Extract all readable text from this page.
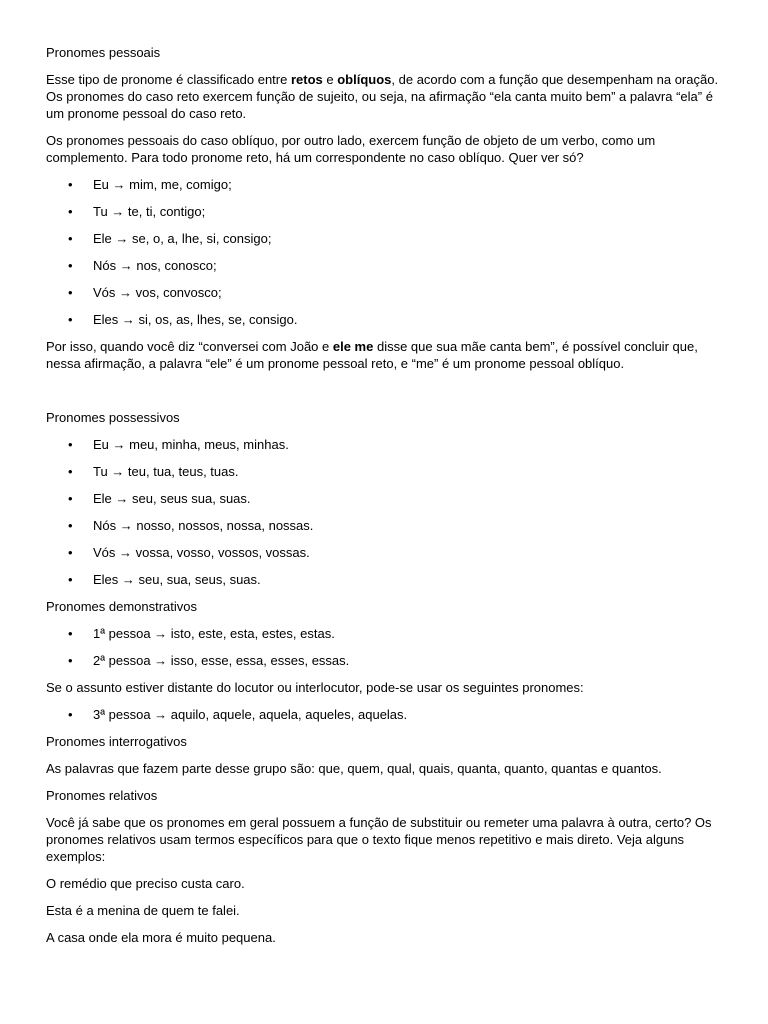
Pronomes pessoais
Esse tipo de pronome é classificado entre retos e oblíquos, de acordo com a função que desempenham na oração. Os pronomes do caso reto exercem função de sujeito, ou seja, na afirmação “ela canta muito bem” a palavra “ela” é um pronome pessoal do caso reto.
Os pronomes pessoais do caso oblíquo, por outro lado, exercem função de objeto de um verbo, como um complemento. Para todo pronome reto, há um correspondente no caso oblíquo. Quer ver só?
• Eu → mim, me, comigo;
• Tu → te, ti, contigo;
• Ele → se, o, a, lhe, si, consigo;
• Nós → nos, conosco;
• Vós → vos, convosco;
• Eles → si, os, as, lhes, se, consigo.
Por isso, quando você diz “conversei com João e ele me disse que sua mãe canta bem”, é possível concluir que, nessa afirmação, a palavra “ele” é um pronome pessoal reto, e “me” é um pronome pessoal oblíquo.
Pronomes possessivos
• Eu → meu, minha, meus, minhas.
• Tu → teu, tua, teus, tuas.
• Ele → seu, seus sua, suas.
• Nós → nosso, nossos, nossa, nossas.
• Vós → vossa, vosso, vossos, vossas.
• Eles → seu, sua, seus, suas.
Pronomes demonstrativos
• 1ª pessoa → isto, este, esta, estes, estas.
• 2ª pessoa → isso, esse, essa, esses, essas.
Se o assunto estiver distante do locutor ou interlocutor, pode-se usar os seguintes pronomes:
• 3ª pessoa → aquilo, aquele, aquela, aqueles, aquelas.
Pronomes interrogativos
As palavras que fazem parte desse grupo são: que, quem, qual, quais, quanta, quanto, quantas e quantos.
Pronomes relativos
Você já sabe que os pronomes em geral possuem a função de substituir ou remeter uma palavra à outra, certo? Os pronomes relativos usam termos específicos para que o texto fique menos repetitivo e mais direto. Veja alguns exemplos:
O remédio que preciso custa caro.
Esta é a menina de quem te falei.
A casa onde ela mora é muito pequena.
